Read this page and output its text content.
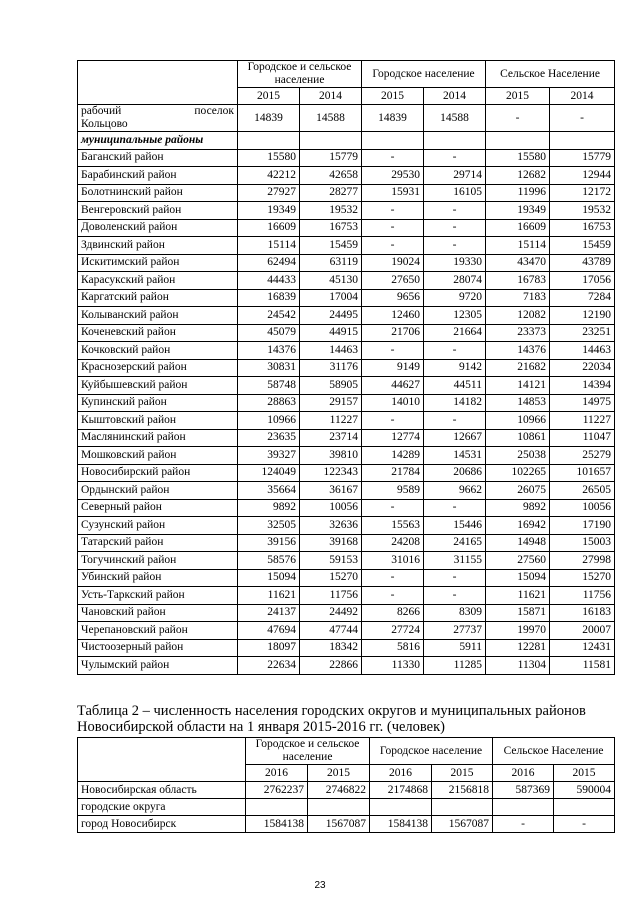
	Городское и сельское население		Городское население		Сельское Население	
	2015	2014	2015	2014	2015	2014

рабочий поселок
Кольцово	14839	14588	14839	14588	-	-
муниципальные районы						
Баганский район	15580	15779	-	-	15580	15779
Барабинский район	42212	42658	29530	29714	12682	12944
Болотнинский район	27927	28277	15931	16105	11996	12172
Венгеровский район	19349	19532	-	-	19349	19532
Доволенский район	16609	16753	-	-	16609	16753
Здвинский район	15114	15459	-	-	15114	15459
Искитимский район	62494	63119	19024	19330	43470	43789
Карасукский район	44433	45130	27650	28074	16783	17056
Каргатский район	16839	17004	9656	9720	7183	7284
Колыванский район	24542	24495	12460	12305	12082	12190
Коченевский район	45079	44915	21706	21664	23373	23251
Кочковский район	14376	14463	-	-	14376	14463
Краснозерский район	30831	31176	9149	9142	21682	22034
Куйбышевский район	58748	58905	44627	44511	14121	14394
Купинский район	28863	29157	14010	14182	14853	14975
Кыштовский район	10966	11227	-	-	10966	11227
Маслянинский район	23635	23714	12774	12667	10861	11047
Мошковский район	39327	39810	14289	14531	25038	25279
Новосибирский район	124049	122343	21784	20686	102265	101657
Ордынский район	35664	36167	9589	9662	26075	26505
Северный район	9892	10056	-	-	9892	10056
Сузунский район	32505	32636	15563	15446	16942	17190
Татарский район	39156	39168	24208	24165	14948	15003
Тогучинский район	58576	59153	31016	31155	27560	27998
Убинский район	15094	15270	-	-	15094	15270
Усть-Таркский район	11621	11756	-	-	11621	11756
Чановский район	24137	24492	8266	8309	15871	16183
Черепановский район	47694	47744	27724	27737	19970	20007
Чистоозерный район	18097	18342	5816	5911	12281	12431
Чулымский район	22634	22866	11330	11285	11304	11581
Таблица 2 – численность населения городских округов и муниципальных районов
Новосибирской области на 1 января 2015-2016 гг. (человек)
	Городское и сельское население		Городское население		Сельское Население	
	2016	2015	2016	2015	2016	2015
Новосибирская область	2762237	2746822	2174868	2156818	587369	590004
городские округа						
город Новосибирск	1584138	1567087	1584138	1567087	-	-
23
